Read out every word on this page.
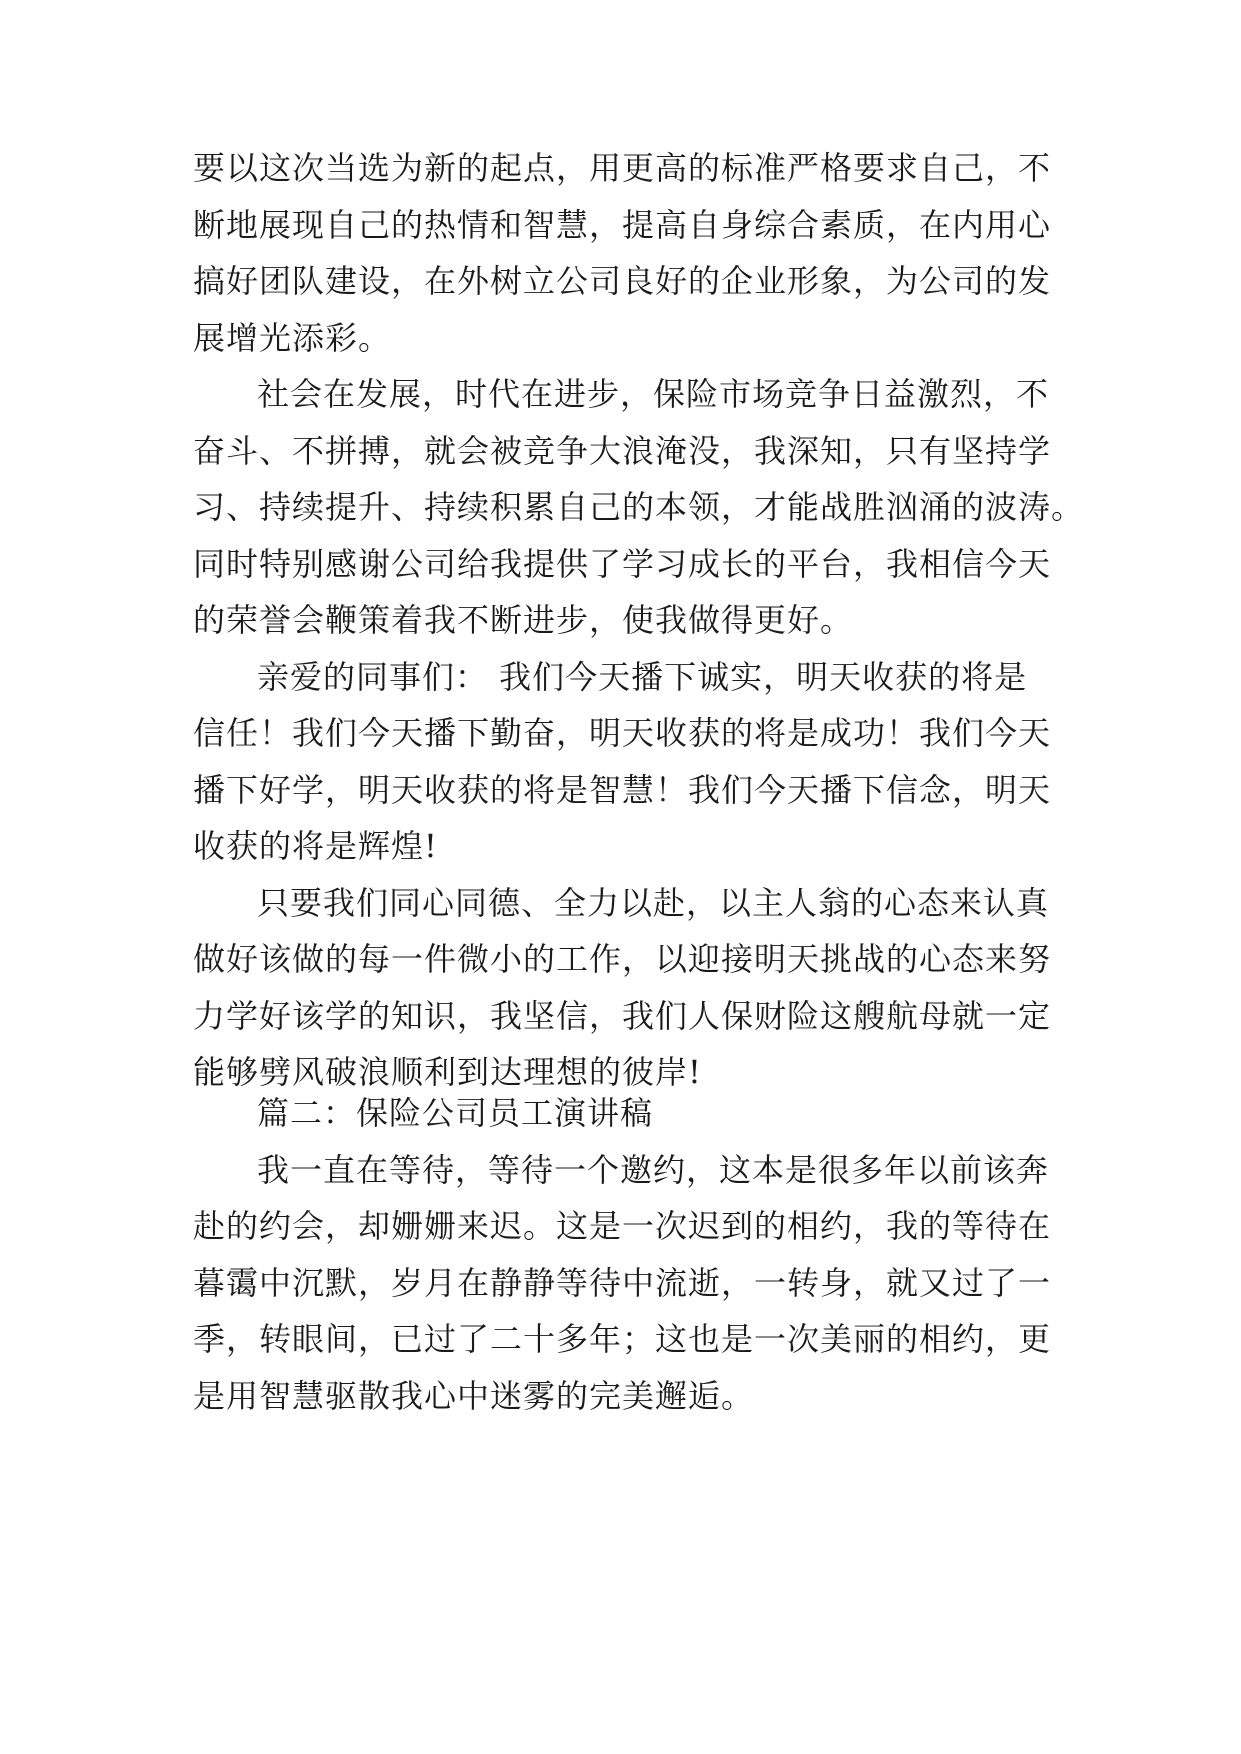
要以这次当选为新的起点，用更高的标准严格要求自己，不
断地展现自己的热情和智慧，提高自身综合素质，在内用心
搞好团队建设，在外树立公司良好的企业形象，为公司的发
展增光添彩。

社会在发展，时代在进步，保险市场竞争日益激烈，不
奋斗、不拼搏，就会被竞争大浪淹没，我深知，只有坚持学
习、持续提升、持续积累自己的本领，才能战胜汹涌的波涛。
同时特别感谢公司给我提供了学习成长的平台，我相信今天
的荣誉会鞭策着我不断进步，使我做得更好。

亲爱的同事们： 我们今天播下诚实，明天收获的将是
信任！我们今天播下勤奋，明天收获的将是成功！我们今天
播下好学，明天收获的将是智慧！我们今天播下信念，明天
收获的将是辉煌!

只要我们同心同德、全力以赴，以主人翁的心态来认真
做好该做的每一件微小的工作，以迎接明天挑战的心态来努
力学好该学的知识，我坚信，我们人保财险这艘航母就一定
能够劈风破浪顺利到达理想的彼岸!

篇二：保险公司员工演讲稿

我一直在等待，等待一个邀约，这本是很多年以前该奔
赴的约会，却姗姗来迟。这是一次迟到的相约，我的等待在
暮霭中沉默，岁月在静静等待中流逝，一转身，就又过了一
季，转眼间，已过了二十多年；这也是一次美丽的相约，更
是用智慧驱散我心中迷雾的完美邂逅。
